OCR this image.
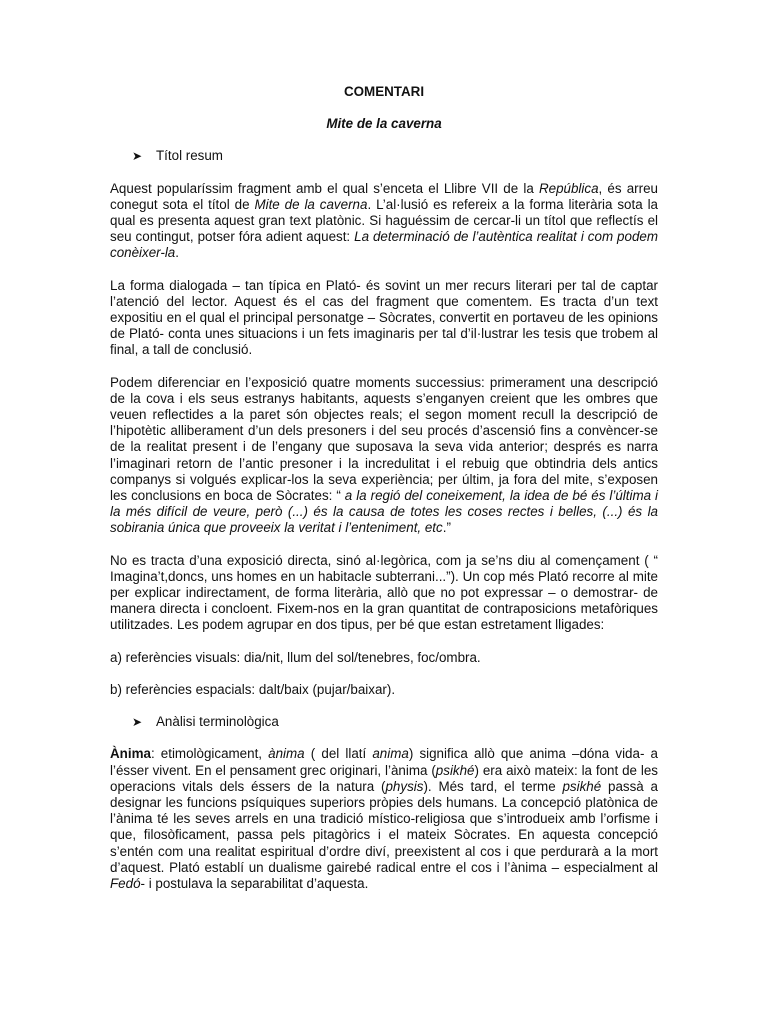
COMENTARI
Mite de la caverna
➤	Títol resum

Aquest popularíssim fragment amb el qual s’enceta el Llibre VII de la República, és arreu conegut sota el títol de Mite de la caverna. L’al·lusió es refereix a la forma literària sota la qual es presenta aquest gran text platònic. Si haguéssim de cercar-li un títol que reflectís el seu contingut, potser fóra adient aquest: La determinació de l’autèntica realitat i com podem conèixer-la.

La forma dialogada – tan típica en Plató- és sovint un mer recurs literari per tal de captar l’atenció del lector. Aquest és el cas del fragment que comentem. Es tracta d’un text expositiu en el qual el principal personatge – Sòcrates, convertit en portaveu de les opinions de Plató- conta unes situacions i un fets imaginaris per tal d’il·lustrar les tesis que trobem al final, a tall de conclusió.

Podem diferenciar en l’exposició quatre moments successius: primerament una descripció de la cova i els seus estranys habitants, aquests s’enganyen creient que les ombres que veuen reflectides a la paret són objectes reals; el segon moment recull la descripció de l’hipotètic alliberament d’un dels presoners i del seu procés d’ascensió fins a convèncer-se de la realitat present i de l’engany que suposava la seva vida anterior; després es narra l’imaginari retorn de l’antic presoner i la incredulitat i el rebuig que obtindria dels antics companys si volgués explicar-los la seva experiència; per últim, ja fora del mite, s’exposen les conclusions en boca de Sòcrates: “ a la regió del coneixement, la idea de bé és l’última i la més difícil de veure, però (...) és la causa de totes les coses rectes i belles, (...) és la sobirania única que proveeix la veritat i l’enteniment, etc.”

No es tracta d’una exposició directa, sinó al·legòrica, com ja se’ns diu al començament ( “ Imagina’t,doncs, uns homes en un habitacle subterrani...”). Un cop més Plató recorre al mite per explicar indirectament, de forma literària, allò que no pot expressar – o demostrar- de manera directa i concloent. Fixem-nos en la gran quantitat de contraposicions metafòriques utilitzades. Les podem agrupar en dos tipus, per bé que estan estretament lligades:

a) referències visuals: dia/nit, llum del sol/tenebres, foc/ombra.

b) referències espacials: dalt/baix (pujar/baixar).

➤	Anàlisi terminològica

Ànima: etimològicament, ànima ( del llatí anima) significa allò que anima –dóna vida- a l’ésser vivent. En el pensament grec originari, l’ànima (psikhé) era això mateix: la font de les operacions vitals dels éssers de la natura (physis). Més tard, el terme psikhé passà a designar les funcions psíquiques superiors pròpies dels humans. La concepció platònica de l’ànima té les seves arrels en una tradició místico-religiosa que s’introdueix amb l’orfisme i que, filosòficament, passa pels pitagòrics i el mateix Sòcrates. En aquesta concepció s’entén com una realitat espiritual d’ordre diví, preexistent al cos i que perdurarà a la mort d’aquest. Plató establí un dualisme gairebé radical entre el cos i l’ànima – especialment al Fedó- i postulava la separabilitat d’aquesta.
